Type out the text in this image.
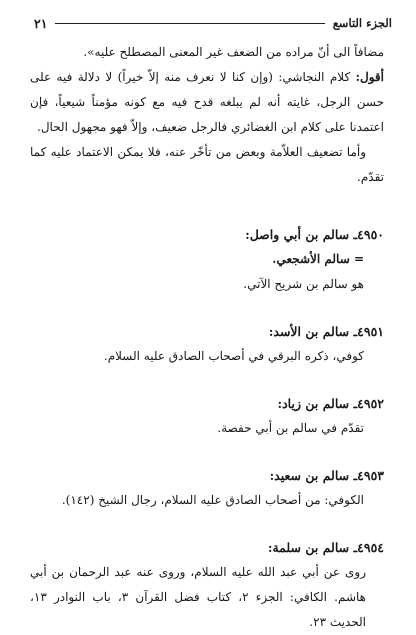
الجزء التاسع
٢١

مضافاً الى أنّ مراده من الضعف غير المعنى المصطلح عليه».

أقول: كلام النجاشي: (وإن كنا لا نعرف منه إلاّ خيراً) لا دلالة فيه على حسن الرجل، غايته أنه لم يبلغه قدح فيه مع كونه مؤمناً شيعياً، فإن اعتمدنا على كلام ابن الغضائري فالرجل ضعيف، وإلاّ فهو مجهول الحال.

وأما تضعيف العلاّمة وبعض من تأخّر عنه، فلا يمكن الاعتماد عليه كما تقدّم.

٤٩٥٠ـ سالم بن أبي واصل:

= سالم الأشجعي.

هو سالم بن شريح الآتي.

٤٩٥١ـ سالم بن الأسد:

كوفي، ذكره البرقي في أصحاب الصادق عليه السلام.

٤٩٥٢ـ سالم بن زياد:

تقدّم في سالم بن أبي حفصة.

٤٩٥٣ـ سالم بن سعيد:

الكوفي: من أصحاب الصادق عليه السلام، رجال الشيخ (١٤٢).

٤٩٥٤ـ سالم بن سلمة:

روى عن أبي عبد الله عليه السلام، وروى عنه عبد الرحمان بن أبي هاشم. الكافي: الجزء ٢، كتاب فضل القرآن ٣، باب النوادر ١٣، الحديث ٢٣.
